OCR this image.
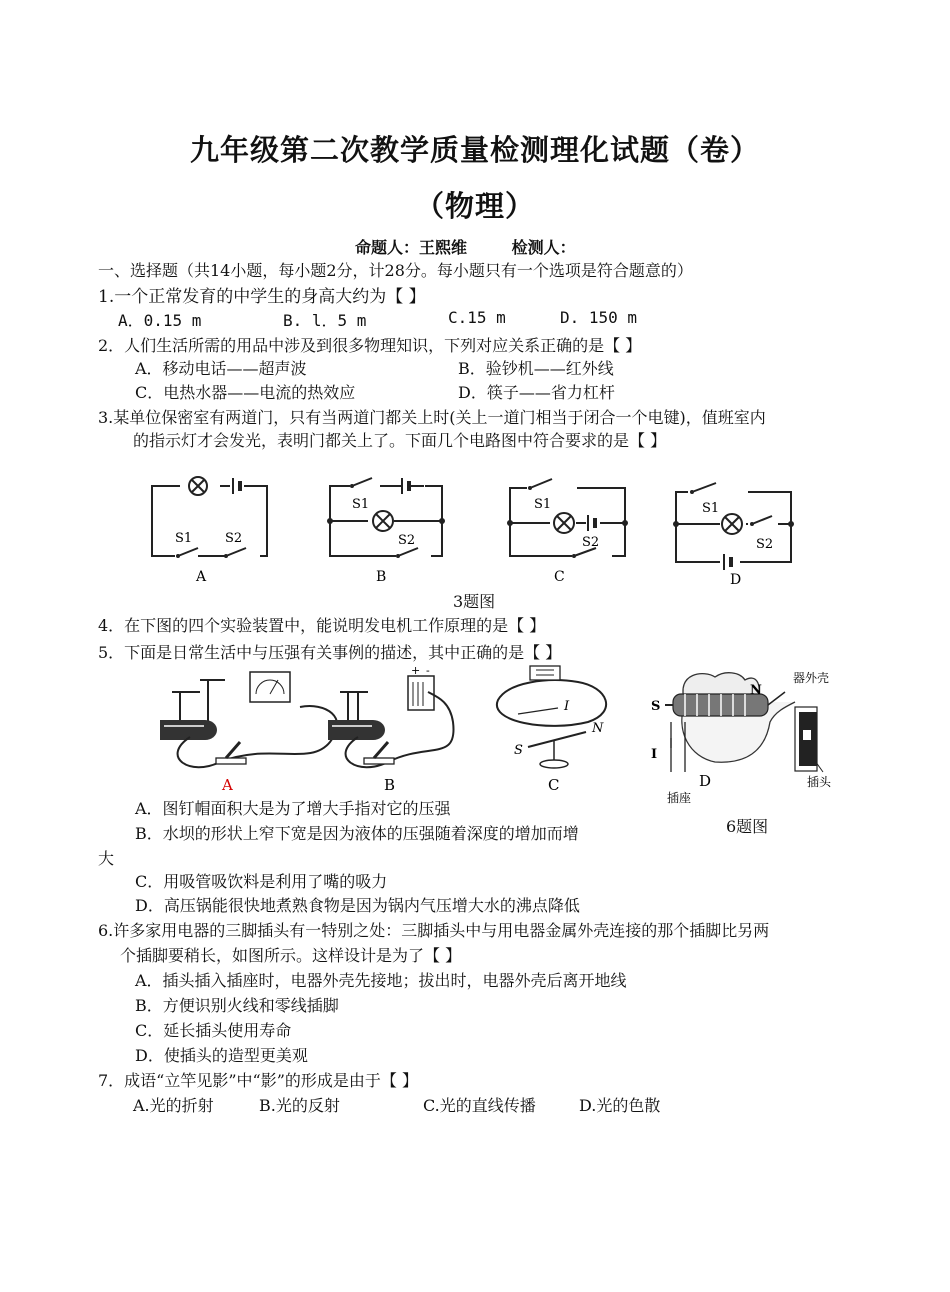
九年级第二次教学质量检测理化试题（卷）
（物理）
命题人：王熙维        检测人：
一、选择题（共14小题，每小题2分，计28分。每小题只有一个选项是符合题意的）
1.一个正常发育的中学生的身高大约为【 】
A．0.15 m	B. l．5 m	C.15 m	D. 150 m
2．人们生活所需的用品中涉及到很多物理知识，下列对应关系正确的是【 】
A．移动电话——超声波	B．验钞机——红外线
C．电热水器——电流的热效应	D．筷子——省力杠杆
3.某单位保密室有两道门，只有当两道门都关上时(关上一道门相当于闭合一个电键)，值班室内
的指示灯才会发光，表明门都关上了。下面几个电路图中符合要求的是【 】
S1	S2
A
S1
S2
B
S1
S2
C
S1
S2
D
3题图
4．在下图的四个实验装置中，能说明发电机工作原理的是【 】
5．下面是日常生活中与压强有关事例的描述，其中正确的是【 】
A
+ -
B
I
N
S
C
S
N
I
D
器外壳
插头
插座
A．图钉帽面积大是为了增大手指对它的压强
B．水坝的形状上窄下宽是因为液体的压强随着深度的增加而增
大
6题图
C．用吸管吸饮料是利用了嘴的吸力
D．高压锅能很快地煮熟食物是因为锅内气压增大水的沸点降低
6.许多家用电器的三脚插头有一特别之处：三脚插头中与用电器金属外壳连接的那个插脚比另两
个插脚要稍长，如图所示。这样设计是为了【 】
A．插头插入插座时，电器外壳先接地；拔出时，电器外壳后离开地线
B．方便识别火线和零线插脚
C．延长插头使用寿命
D．使插头的造型更美观
7．成语“立竿见影”中“影”的形成是由于【 】
A.光的折射	B.光的反射	C.光的直线传播	D.光的色散
